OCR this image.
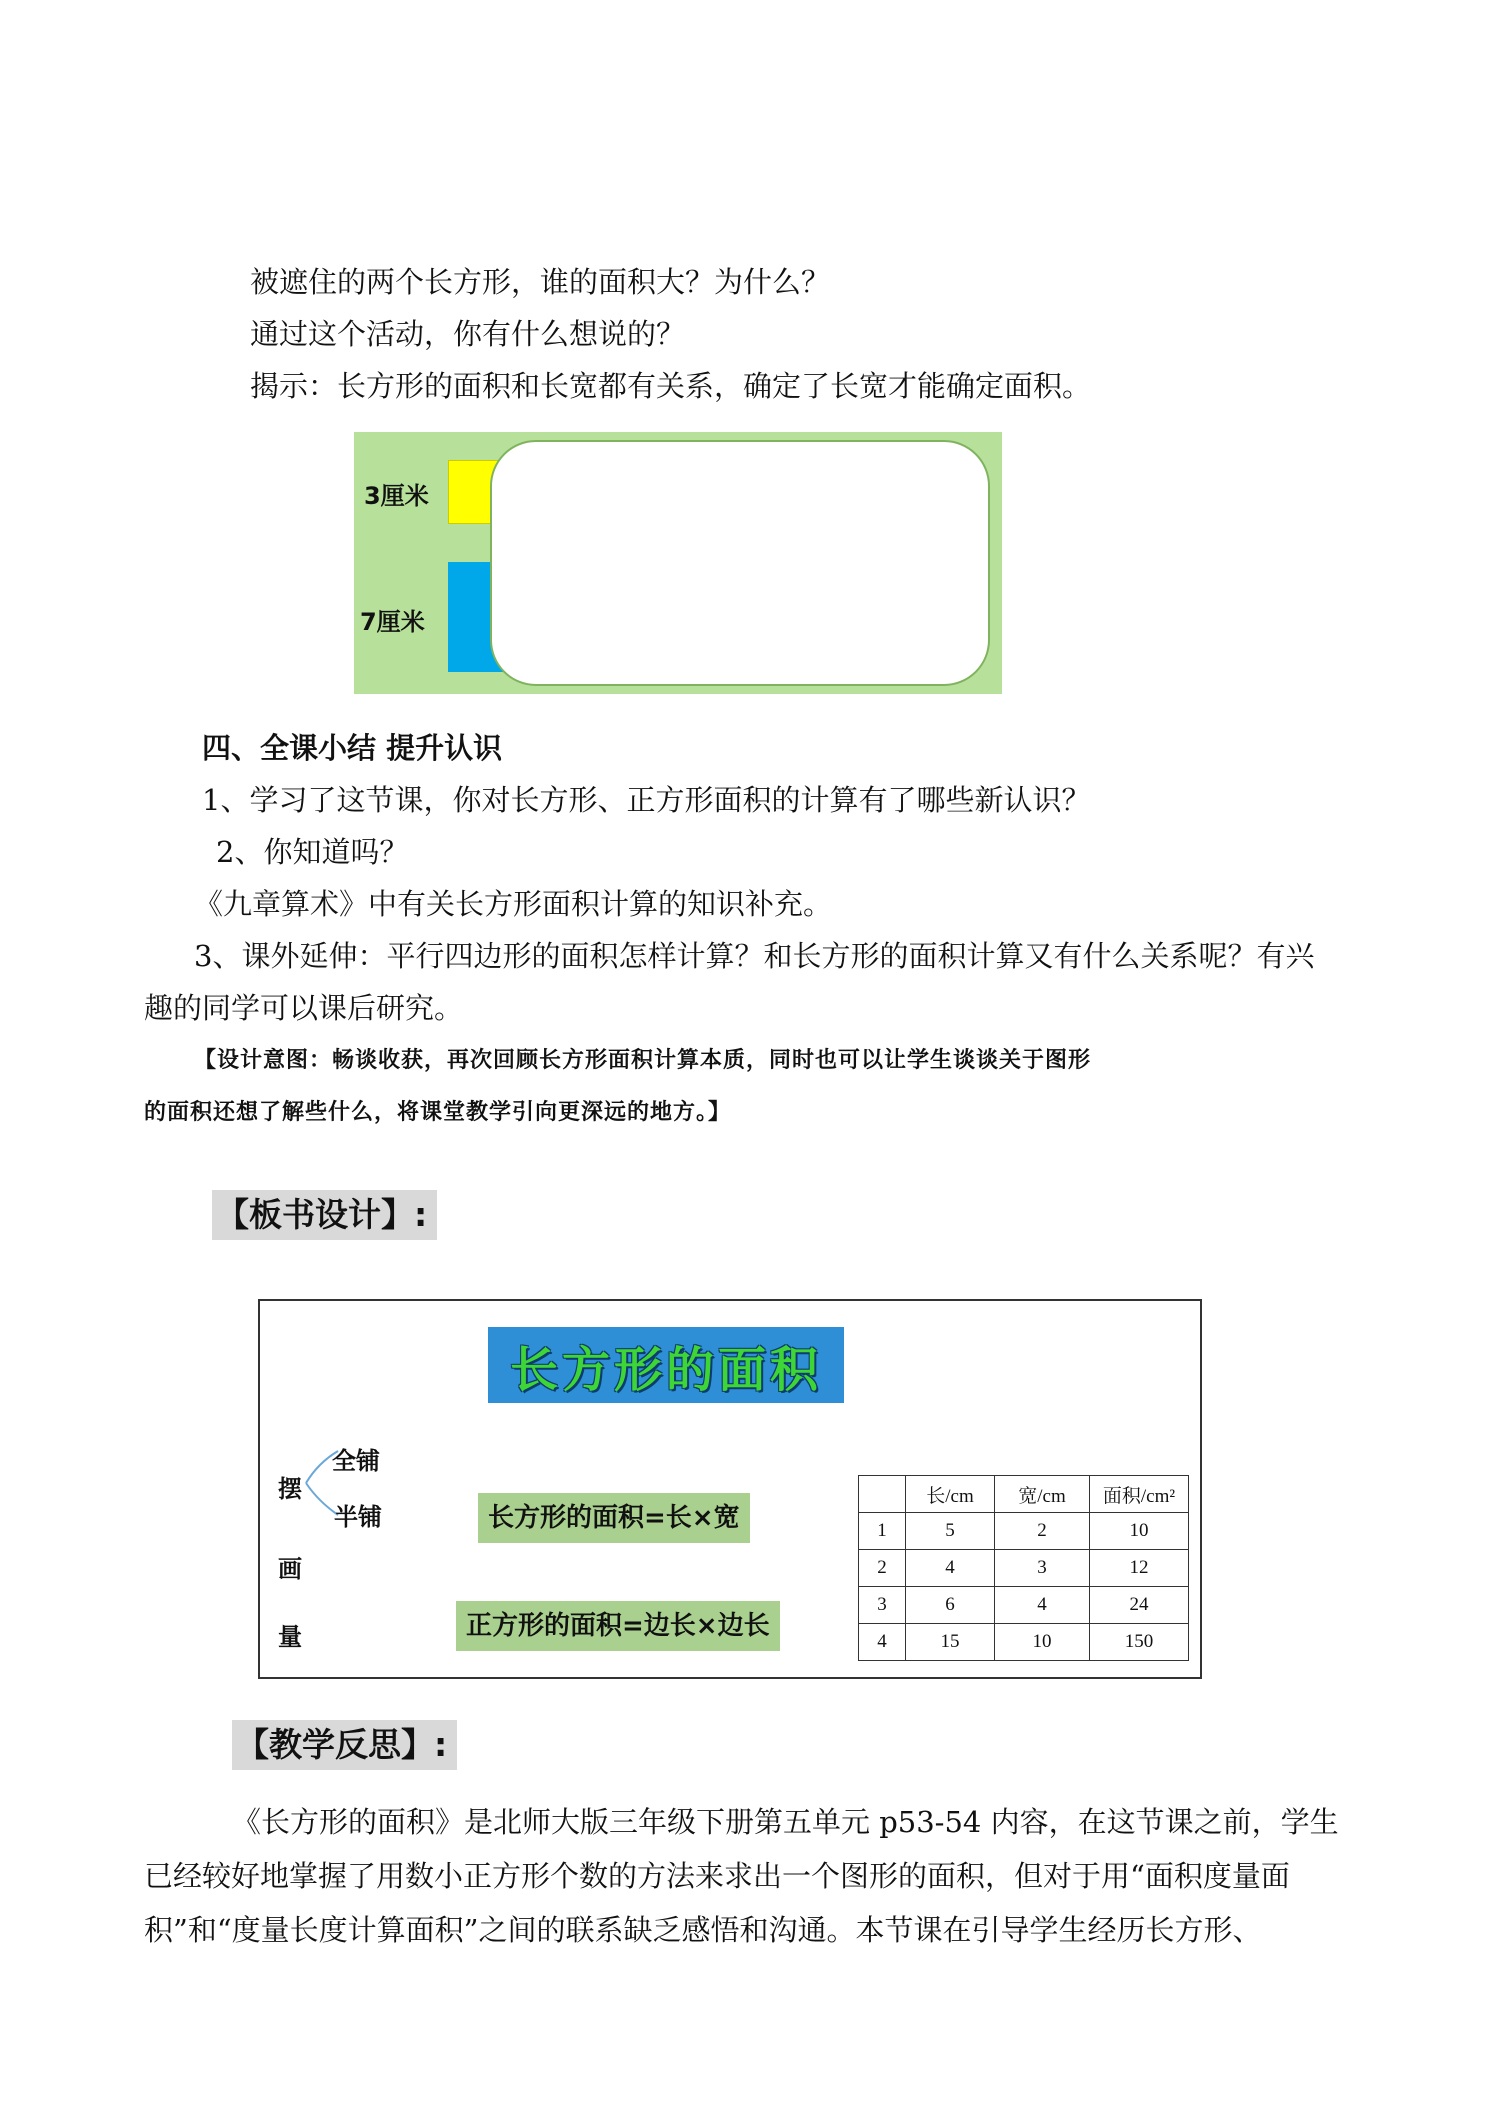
被遮住的两个长方形，谁的面积大？为什么？
通过这个活动，你有什么想说的？
揭示：长方形的面积和长宽都有关系，确定了长宽才能确定面积。
3厘米
7厘米
四、全课小结 提升认识
1、学习了这节课，你对长方形、正方形面积的计算有了哪些新认识？
2、你知道吗？
《九章算术》中有关长方形面积计算的知识补充。
3、课外延伸：平行四边形的面积怎样计算？和长方形的面积计算又有什么关系呢？有兴
趣的同学可以课后研究。
【设计意图：畅谈收获，再次回顾长方形面积计算本质，同时也可以让学生谈谈关于图形
的面积还想了解些什么，将课堂教学引向更深远的地方。】
【板书设计】:
长方形的面积
摆
全铺
半铺
画
量
长方形的面积=长×宽
正方形的面积=边长×边长
	长/cm	宽/cm	面积/cm²
1	5	2	10
2	4	3	12
3	6	4	24
4	15	10	150
【教学反思】:
《长方形的面积》是北师大版三年级下册第五单元 p53-54 内容，在这节课之前，学生
已经较好地掌握了用数小正方形个数的方法来求出一个图形的面积，但对于用“面积度量面
积”和“度量长度计算面积”之间的联系缺乏感悟和沟通。本节课在引导学生经历长方形、
